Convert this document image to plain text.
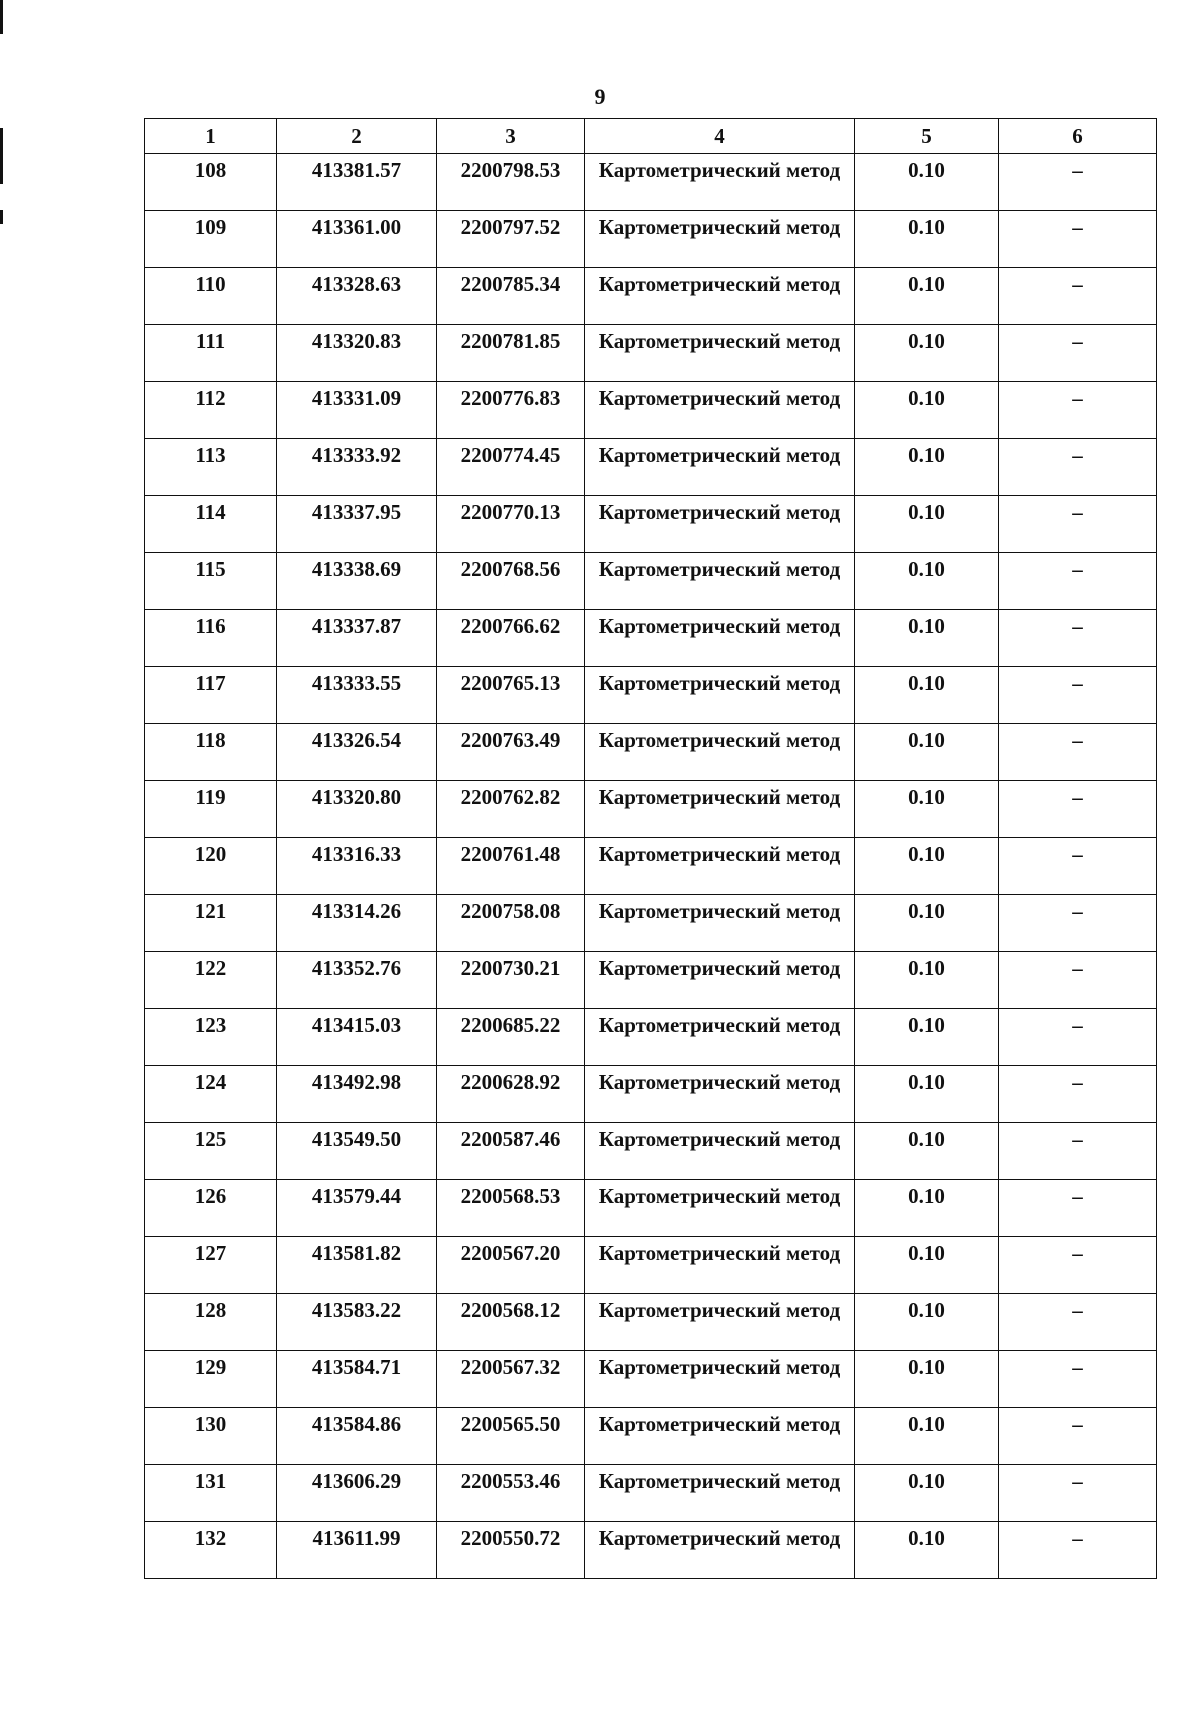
9
1	2	3	4	5	6
108	413381.57	2200798.53	Картометрический метод	0.10	–
109	413361.00	2200797.52	Картометрический метод	0.10	–
110	413328.63	2200785.34	Картометрический метод	0.10	–
111	413320.83	2200781.85	Картометрический метод	0.10	–
112	413331.09	2200776.83	Картометрический метод	0.10	–
113	413333.92	2200774.45	Картометрический метод	0.10	–
114	413337.95	2200770.13	Картометрический метод	0.10	–
115	413338.69	2200768.56	Картометрический метод	0.10	–
116	413337.87	2200766.62	Картометрический метод	0.10	–
117	413333.55	2200765.13	Картометрический метод	0.10	–
118	413326.54	2200763.49	Картометрический метод	0.10	–
119	413320.80	2200762.82	Картометрический метод	0.10	–
120	413316.33	2200761.48	Картометрический метод	0.10	–
121	413314.26	2200758.08	Картометрический метод	0.10	–
122	413352.76	2200730.21	Картометрический метод	0.10	–
123	413415.03	2200685.22	Картометрический метод	0.10	–
124	413492.98	2200628.92	Картометрический метод	0.10	–
125	413549.50	2200587.46	Картометрический метод	0.10	–
126	413579.44	2200568.53	Картометрический метод	0.10	–
127	413581.82	2200567.20	Картометрический метод	0.10	–
128	413583.22	2200568.12	Картометрический метод	0.10	–
129	413584.71	2200567.32	Картометрический метод	0.10	–
130	413584.86	2200565.50	Картометрический метод	0.10	–
131	413606.29	2200553.46	Картометрический метод	0.10	–
132	413611.99	2200550.72	Картометрический метод	0.10	–
